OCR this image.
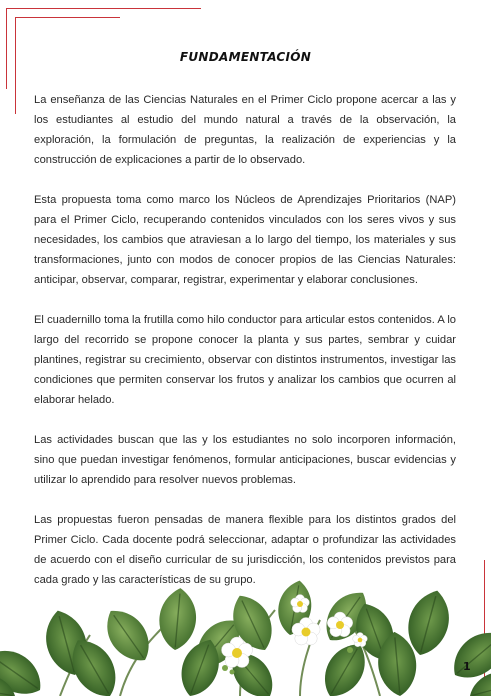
FUNDAMENTACIÓN

La enseñanza de las Ciencias Naturales en el Primer Ciclo propone acercar a las y los estudiantes al estudio del mundo natural a través de la observación, la exploración, la formulación de preguntas, la realización de experiencias y la construcción de explicaciones a partir de lo observado.

Esta propuesta toma como marco los Núcleos de Aprendizajes Prioritarios (NAP) para el Primer Ciclo, recuperando contenidos vinculados con los seres vivos y sus necesidades, los cambios que atraviesan a lo largo del tiempo, los materiales y sus transformaciones, junto con modos de conocer propios de las Ciencias Naturales: anticipar, observar, comparar, registrar, experimentar y elaborar conclusiones.

El cuadernillo toma la frutilla como hilo conductor para articular estos contenidos. A lo largo del recorrido se propone conocer la planta y sus partes, sembrar y cuidar plantines, registrar su crecimiento, observar con distintos instrumentos, investigar las condiciones que permiten conservar los frutos y analizar los cambios que ocurren al elaborar helado.

Las actividades buscan que las y los estudiantes no solo incorporen información, sino que puedan investigar fenómenos, formular anticipaciones, buscar evidencias y utilizar lo aprendido para resolver nuevos problemas.

Las propuestas fueron pensadas de manera flexible para los distintos grados del Primer Ciclo. Cada docente podrá seleccionar, adaptar o profundizar las actividades de acuerdo con el diseño curricular de su jurisdicción, los contenidos previstos para cada grado y las características de su grupo.

1
